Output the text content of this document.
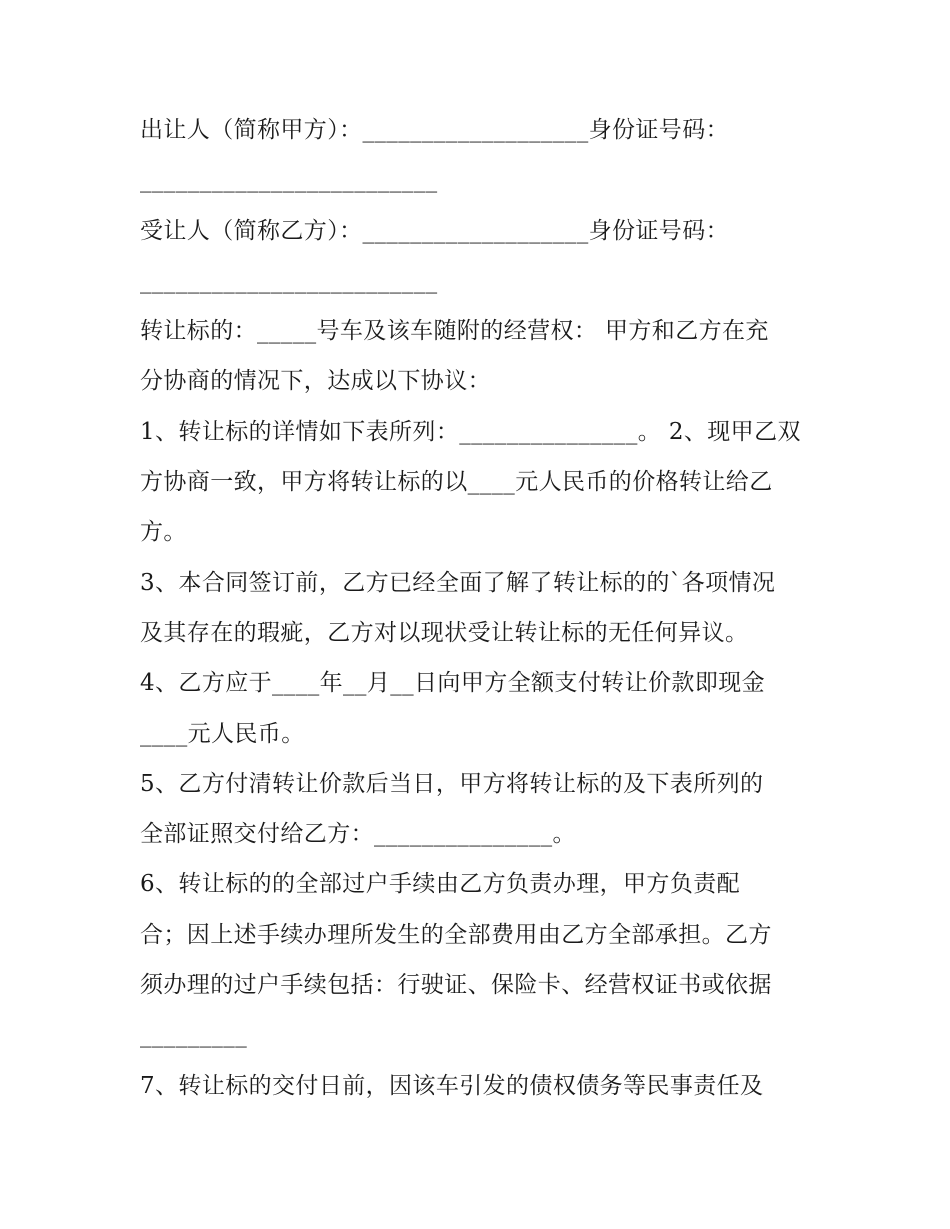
出让人（简称甲方）：___________________身份证号码：
_________________________
受让人（简称乙方）：___________________身份证号码：
_________________________
转让标的：_____号车及该车随附的经营权： 甲方和乙方在充
分协商的情况下，达成以下协议：
1、转让标的详情如下表所列：_______________。 2、现甲乙双
方协商一致，甲方将转让标的以____元人民币的价格转让给乙
方。
3、本合同签订前，乙方已经全面了解了转让标的的`各项情况
及其存在的瑕疵，乙方对以现状受让转让标的无任何异议。
4、乙方应于____年__月__日向甲方全额支付转让价款即现金
____元人民币。
5、乙方付清转让价款后当日，甲方将转让标的及下表所列的
全部证照交付给乙方：_______________。
6、转让标的的全部过户手续由乙方负责办理，甲方负责配
合；因上述手续办理所发生的全部费用由乙方全部承担。乙方
须办理的过户手续包括：行驶证、保险卡、经营权证书或依据
_________
7、转让标的交付日前，因该车引发的债权债务等民事责任及
